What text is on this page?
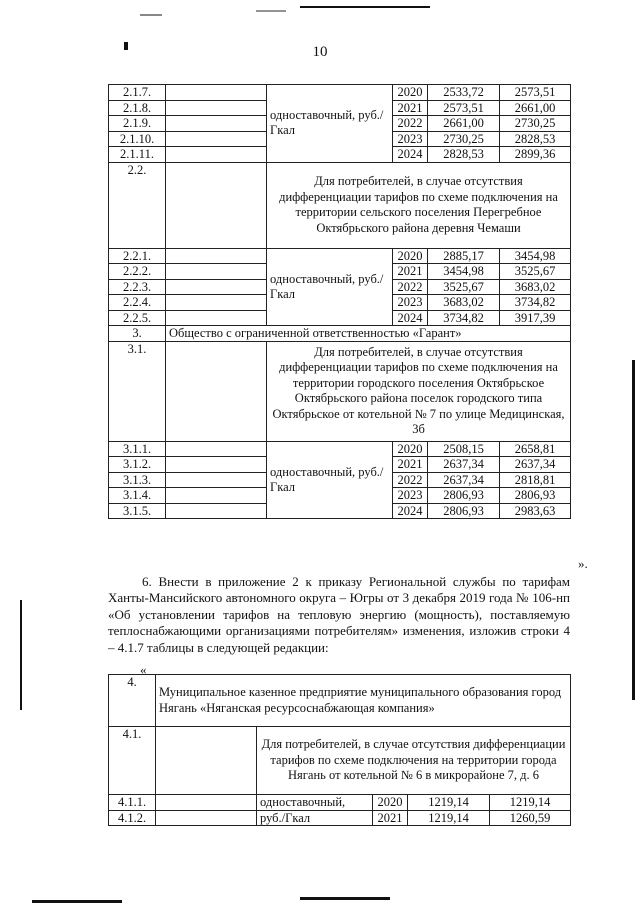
10
2.1.7.		одноставочный, руб./Гкал	2020	2533,72	2573,51
2.1.8.			2021	2573,51	2661,00
2.1.9.			2022	2661,00	2730,25
2.1.10.			2023	2730,25	2828,53
2.1.11.			2024	2828,53	2899,36
2.2.		Для потребителей, в случае отсутствия дифференциации тарифов по схеме подключения на территории сельского поселения Перегребное Октябрьского района деревня Чемаши			
2.2.1.		одноставочный, руб./Гкал	2020	2885,17	3454,98
2.2.2.			2021	3454,98	3525,67
2.2.3.			2022	3525,67	3683,02
2.2.4.			2023	3683,02	3734,82
2.2.5.			2024	3734,82	3917,39
3.	Общество с ограниченной ответственностью «Гарант»				
3.1.		Для потребителей, в случае отсутствия дифференциации тарифов по схеме подключения на территории городского поселения Октябрьское Октябрьского района поселок городского типа Октябрьское от котельной № 7 по улице Медицинская, 3б			
3.1.1.		одноставочный, руб./Гкал	2020	2508,15	2658,81
3.1.2.			2021	2637,34	2637,34
3.1.3.			2022	2637,34	2818,81
3.1.4.			2023	2806,93	2806,93
3.1.5.			2024	2806,93	2983,63
».
6. Внести в приложение 2 к приказу Региональной службы по тарифам Ханты-Мансийского автономного округа – Югры от 3 декабря 2019 года № 106-нп «Об установлении тарифов на тепловую энергию (мощность), поставляемую теплоснабжающими организациями потребителям» изменения, изложив строки 4 – 4.1.7 таблицы в следующей редакции:
«
4.	Муниципальное казенное предприятие муниципального образования город Нягань «Няганская ресурсоснабжающая компания»				
4.1.		Для потребителей, в случае отсутствия дифференциации тарифов по схеме подключения на территории города Нягань от котельной № 6 в микрорайоне 7, д. 6			
4.1.1.		одноставочный,	2020	1219,14	1219,14
4.1.2.		руб./Гкал	2021	1219,14	1260,59
